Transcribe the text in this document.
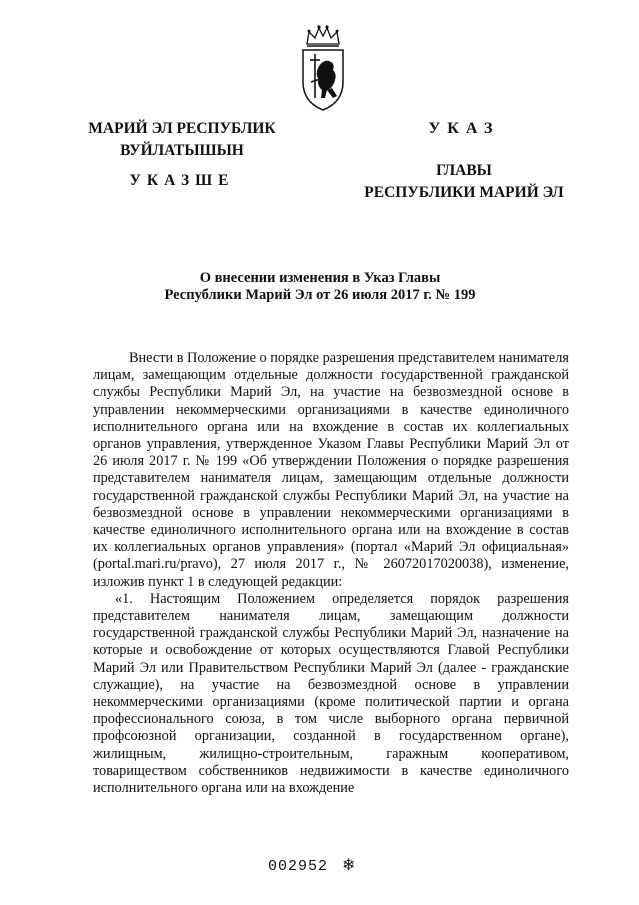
МАРИЙ ЭЛ РЕСПУБЛИК
ВУЙЛАТЫШЫН
УКАЗШЕ
УКАЗ
ГЛАВЫ
РЕСПУБЛИКИ МАРИЙ ЭЛ
О внесении изменения в Указ Главы
Республики Марий Эл от 26 июля 2017 г. № 199

Внести в Положение о порядке разрешения представителем нанимателя лицам, замещающим отдельные должности государственной гражданской службы Республики Марий Эл, на участие на безвозмездной основе в управлении некоммерческими организациями в качестве единоличного исполнительного органа или на вхождение в состав их коллегиальных органов управления, утвержденное Указом Главы Республики Марий Эл от 26 июля 2017 г. № 199 «Об утверждении Положения о порядке разрешения представителем нанимателя лицам, замещающим отдельные должности государственной гражданской службы Республики Марий Эл, на участие на безвозмездной основе в управлении некоммерческими организациями в качестве единоличного исполнительного органа или на вхождение в состав их коллегиальных органов управления» (портал «Марий Эл официальная» (portal.mari.ru/pravo), 27 июля 2017 г., № 26072017020038), изменение, изложив пункт 1 в следующей редакции:

«1. Настоящим Положением определяется порядок разрешения представителем нанимателя лицам, замещающим должности государственной гражданской службы Республики Марий Эл, назначение на которые и освобождение от которых осуществляются Главой Республики Марий Эл или Правительством Республики Марий Эл (далее - гражданские служащие), на участие на безвозмездной основе в управлении некоммерческими организациями (кроме политической партии и органа профессионального союза, в том числе выборного органа первичной профсоюзной организации, созданной в государственном органе), жилищным, жилищно-строительным, гаражным кооперативом, товариществом собственников недвижимости в качестве единоличного исполнительного органа или на вхождение

002952 ❄
